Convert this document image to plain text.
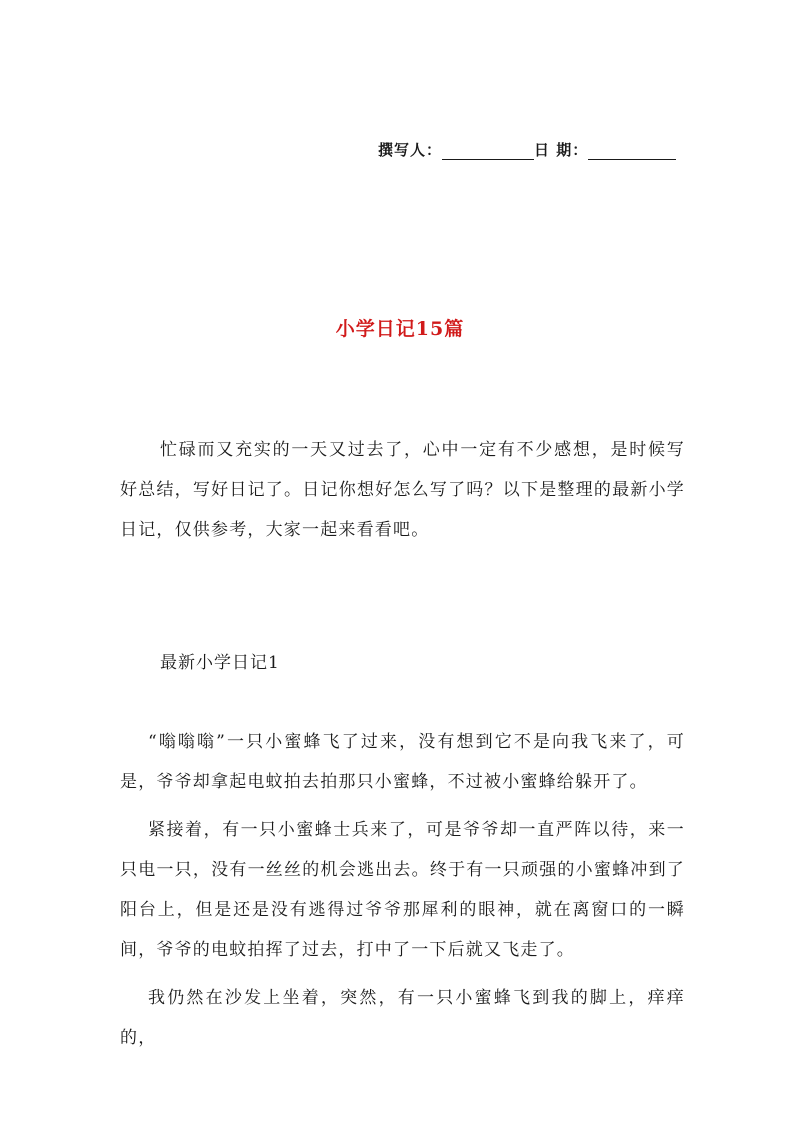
撰写人：	日 期：
小学日记15篇
忙碌而又充实的一天又过去了，心中一定有不少感想，是时候写好总结，写好日记了。日记你想好怎么写了吗？以下是整理的最新小学日记，仅供参考，大家一起来看看吧。
最新小学日记1

“嗡嗡嗡”一只小蜜蜂飞了过来，没有想到它不是向我飞来了，可是，爷爷却拿起电蚊拍去拍那只小蜜蜂，不过被小蜜蜂给躲开了。

紧接着，有一只小蜜蜂士兵来了，可是爷爷却一直严阵以待，来一只电一只，没有一丝丝的机会逃出去。终于有一只顽强的小蜜蜂冲到了阳台上，但是还是没有逃得过爷爷那犀利的眼神，就在离窗口的一瞬间，爷爷的电蚊拍挥了过去，打中了一下后就又飞走了。

我仍然在沙发上坐着，突然，有一只小蜜蜂飞到我的脚上，痒痒的，
